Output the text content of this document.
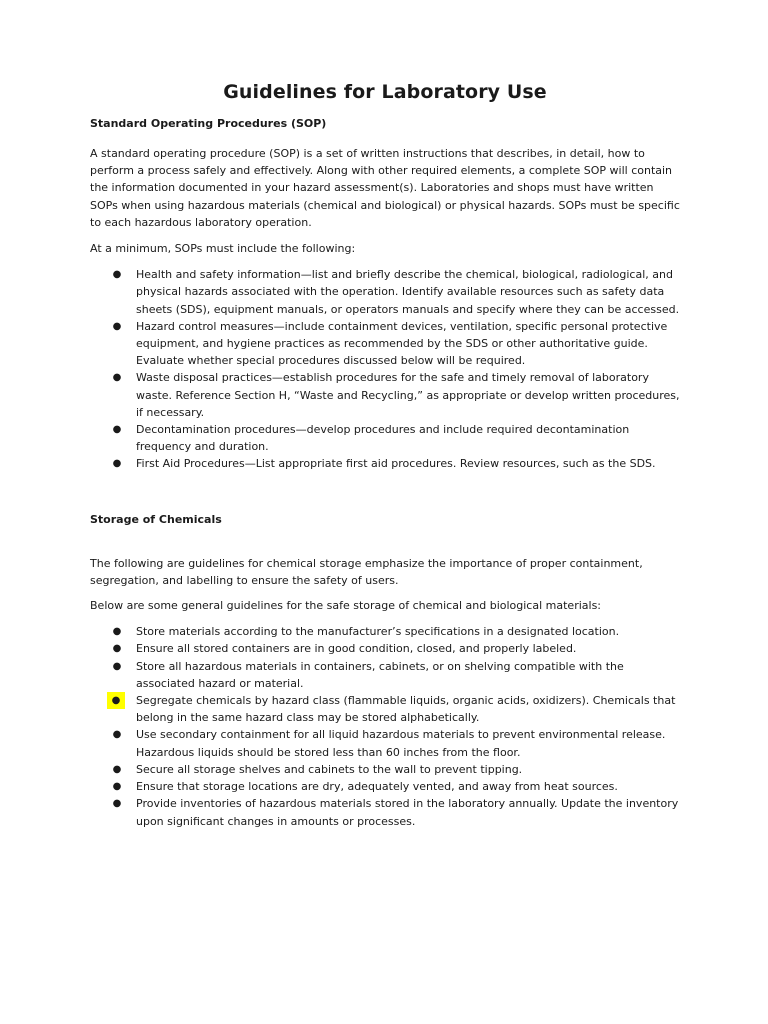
Guidelines for Laboratory Use

Standard Operating Procedures (SOP)

A standard operating procedure (SOP) is a set of written instructions that describes, in detail, how to perform a process safely and effectively. Along with other required elements, a complete SOP will contain the information documented in your hazard assessment(s). Laboratories and shops must have written SOPs when using hazardous materials (chemical and biological) or physical hazards. SOPs must be specific to each hazardous laboratory operation.

At a minimum, SOPs must include the following:

● Health and safety information—list and briefly describe the chemical, biological, radiological, and physical hazards associated with the operation. Identify available resources such as safety data sheets (SDS), equipment manuals, or operators manuals and specify where they can be accessed.
● Hazard control measures—include containment devices, ventilation, specific personal protective equipment, and hygiene practices as recommended by the SDS or other authoritative guide. Evaluate whether special procedures discussed below will be required.
● Waste disposal practices—establish procedures for the safe and timely removal of laboratory waste. Reference Section H, “Waste and Recycling,” as appropriate or develop written procedures, if necessary.
● Decontamination procedures—develop procedures and include required decontamination frequency and duration.
● First Aid Procedures—List appropriate first aid procedures. Review resources, such as the SDS.

Storage of Chemicals

The following are guidelines for chemical storage emphasize the importance of proper containment, segregation, and labelling to ensure the safety of users.

Below are some general guidelines for the safe storage of chemical and biological materials:

● Store materials according to the manufacturer’s specifications in a designated location.
● Ensure all stored containers are in good condition, closed, and properly labeled.
● Store all hazardous materials in containers, cabinets, or on shelving compatible with the associated hazard or material.
●	Segregate chemicals by hazard class (flammable liquids, organic acids, oxidizers). Chemicals that belong in the same hazard class may be stored alphabetically.
● Use secondary containment for all liquid hazardous materials to prevent environmental release. Hazardous liquids should be stored less than 60 inches from the floor.
● Secure all storage shelves and cabinets to the wall to prevent tipping.
● Ensure that storage locations are dry, adequately vented, and away from heat sources.
● Provide inventories of hazardous materials stored in the laboratory annually. Update the inventory upon significant changes in amounts or processes.
